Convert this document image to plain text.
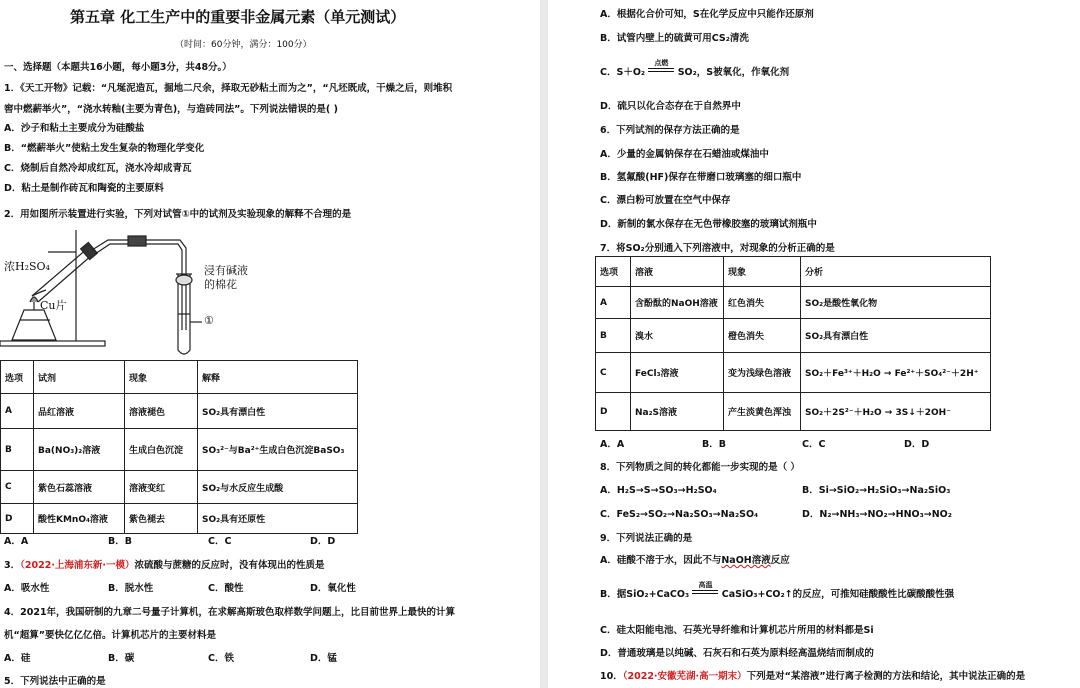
第五章 化工生产中的重要非金属元素（单元测试）
（时间：60分钟，满分：100分）
一、选择题（本题共16小题，每小题3分，共48分。）
1．《天工开物》记载：“凡埏泥造瓦，掘地二尺余，择取无砂粘土而为之”，“凡坯既成，干燥之后，则堆积
窖中燃薪举火”，“浇水转釉(主要为青色)，与造砖同法”。下列说法错误的是( )
A．沙子和粘土主要成分为硅酸盐
B．“燃薪举火”使粘土发生复杂的物理化学变化
C．烧制后自然冷却成红瓦，浇水冷却成青瓦
D．粘土是制作砖瓦和陶瓷的主要原料
2．用如图所示装置进行实验，下列对试管①中的试剂及实验现象的解释不合理的是
浓H₂SO₄
Cu片
浸有碱液
的棉花
①
选项	试剂	现象	解释
A	品红溶液	溶液褪色	SO₂具有漂白性
B	Ba(NO₃)₂溶液	生成白色沉淀	SO₃²⁻与Ba²⁺生成白色沉淀BaSO₃
C	紫色石蕊溶液	溶液变红	SO₂与水反应生成酸
D	酸性KMnO₄溶液	紫色褪去	SO₂具有还原性
A．A	B．B	C．C	D．D
3．（2022·上海浦东新·一模）浓硫酸与蔗糖的反应时，没有体现出的性质是
A．吸水性	B．脱水性	C．酸性	D．氧化性
4．2021年，我国研制的九章二号量子计算机，在求解高斯玻色取样数学问题上，比目前世界上最快的计算
机“超算”要快亿亿亿倍。计算机芯片的主要材料是
A．硅	B．碳	C．铁	D．锰
5．下列说法中正确的是
A．根据化合价可知，S在化学反应中只能作还原剂
B．试管内壁上的硫黄可用CS₂清洗
C．S＋O₂
点燃
SO₂，S被氧化，作氧化剂
D．硫只以化合态存在于自然界中
6．下列试剂的保存方法正确的是
A．少量的金属钠保存在石蜡油或煤油中
B．氢氟酸(HF)保存在带磨口玻璃塞的细口瓶中
C．漂白粉可放置在空气中保存
D．新制的氯水保存在无色带橡胶塞的玻璃试剂瓶中
7．将SO₂分别通入下列溶液中，对现象的分析正确的是
选项	溶液	现象	分析
A	含酚酞的NaOH溶液	红色消失	SO₂是酸性氧化物
B	溴水	橙色消失	SO₂具有漂白性
C	FeCl₃溶液	变为浅绿色溶液	SO₂＋Fe³⁺＋H₂O → Fe²⁺＋SO₄²⁻＋2H⁺
D	Na₂S溶液	产生淡黄色浑浊	SO₂＋2S²⁻＋H₂O → 3S↓＋2OH⁻
A．A	B．B	C．C	D．D
8．下列物质之间的转化都能一步实现的是（ ）
A．H₂S→S→SO₃→H₂SO₄	B．Si→SiO₂→H₂SiO₃→Na₂SiO₃
C．FeS₂→SO₂→Na₂SO₃→Na₂SO₄	D．N₂→NH₃→NO₂→HNO₃→NO₂
9．下列说法正确的是
A．硅酸不溶于水，因此不与NaOH溶液反应
B．据SiO₂+CaCO₃
高温
CaSiO₃+CO₂↑的反应，可推知硅酸酸性比碳酸酸性强
C．硅太阳能电池、石英光导纤维和计算机芯片所用的材料都是Si
D．普通玻璃是以纯碱、石灰石和石英为原料经高温烧结而制成的
10．（2022·安徽芜湖·高一期末）下列是对“某溶液”进行离子检测的方法和结论，其中说法正确的是
